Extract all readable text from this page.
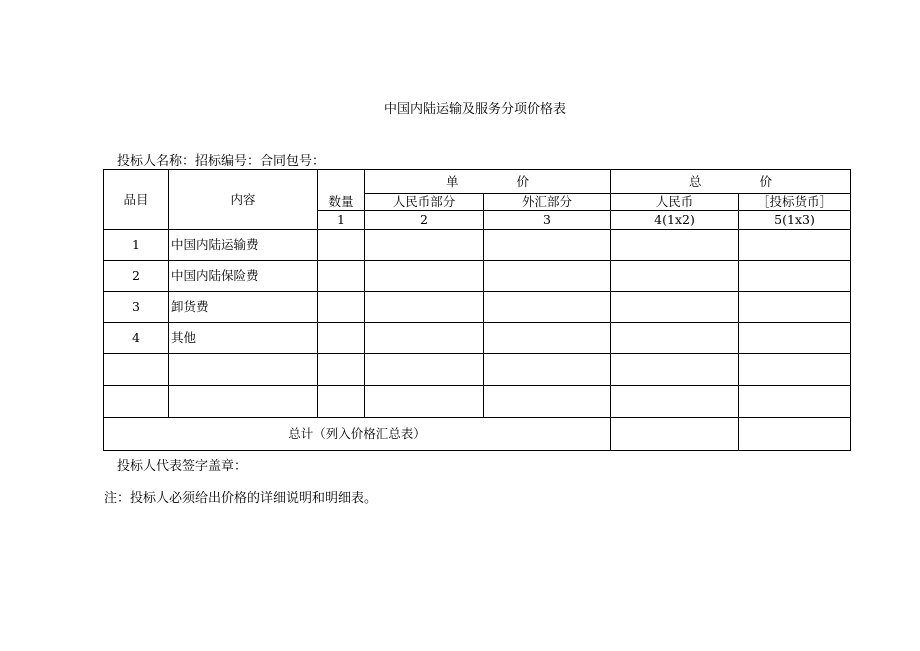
中国内陆运输及服务分项价格表
投标人名称：招标编号：合同包号：
品目	内容	数量	单 价		总 价	
			人民币部分	外汇部分	人民币	［投标货币］
		1	2	3	4(1x2)	5(1x3)
1	中国内陆运输费					
2	中国内陆保险费					
3	卸货费					
4	其他					

总计（列入价格汇总表）						
投标人代表签字盖章：
注：投标人必须给出价格的详细说明和明细表。
